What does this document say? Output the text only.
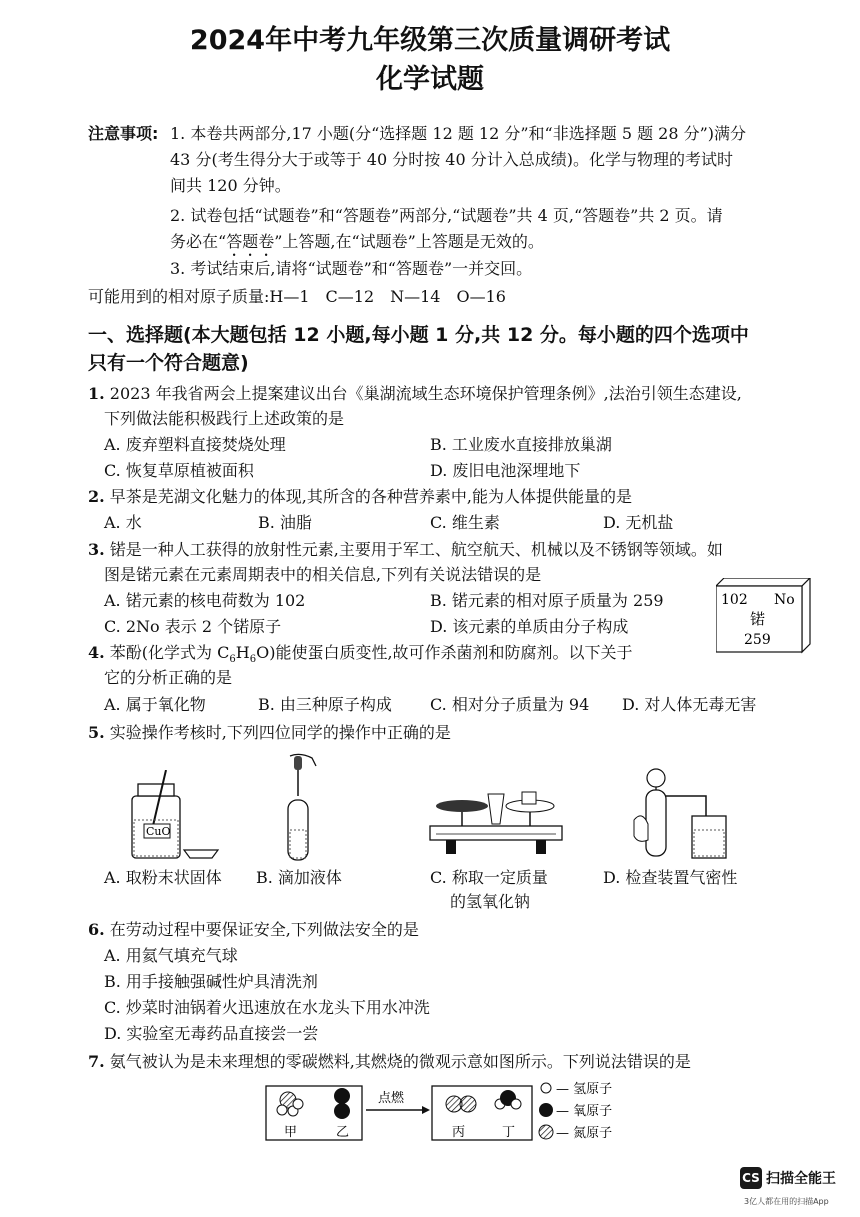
2024年中考九年级第三次质量调研考试
化学试题
注意事项: 1. 本卷共两部分,17 小题(分“选择题 12 题 12 分”和“非选择题 5 题 28 分”)满分
43 分(考生得分大于或等于 40 分时按 40 分计入总成绩)。化学与物理的考试时
间共 120 分钟。
2. 试卷包括“试题卷”和“答题卷”两部分,“试题卷”共 4 页,“答题卷”共 2 页。请
务必在“答题卷”上答题,在“试题卷”上答题是无效的。
3. 考试结束后,请将“试题卷”和“答题卷”一并交回。
可能用到的相对原子质量:H—1　C—12　N—14　O—16
一、选择题(本大题包括 12 小题,每小题 1 分,共 12 分。每小题的四个选项中
只有一个符合题意)
1. 2023 年我省两会上提案建议出台《巢湖流域生态环境保护管理条例》,法治引领生态建设,
下列做法能积极践行上述政策的是
A. 废弃塑料直接焚烧处理	B. 工业废水直接排放巢湖
C. 恢复草原植被面积	D. 废旧电池深埋地下
2. 早茶是芜湖文化魅力的体现,其所含的各种营养素中,能为人体提供能量的是
A. 水	B. 油脂	C. 维生素	D. 无机盐
3. 锘是一种人工获得的放射性元素,主要用于军工、航空航天、机械以及不锈钢等领域。如
图是锘元素在元素周期表中的相关信息,下列有关说法错误的是
A. 锘元素的核电荷数为 102	B. 锘元素的相对原子质量为 259
C. 2No 表示 2 个锘原子	D. 该元素的单质由分子构成
102 No
锘
259
4. 苯酚(化学式为 $C_6H_6O$)能使蛋白质变性,故可作杀菌剂和防腐剂。以下关于
它的分析正确的是
A. 属于氧化物	B. 由三种原子构成 C. 相对分子质量为 94 D. 对人体无毒无害
5. 实验操作考核时,下列四位同学的操作中正确的是
CuO
A. 取粉末状固体 B. 滴加液体	C. 称取一定质量
的氢氧化钠
D. 检查装置气密性
6. 在劳动过程中要保证安全,下列做法安全的是
A. 用氦气填充气球
B. 用手接触强碱性炉具清洗剂
C. 炒菜时油锅着火迅速放在水龙头下用水冲洗
D. 实验室无毒药品直接尝一尝
7. 氨气被认为是未来理想的零碳燃料,其燃烧的微观示意如图所示。下列说法错误的是
甲	乙
点燃
丙	丁
— 氢原子
— 氧原子
— 氮原子
CS 扫描全能王
3亿人都在用的扫描App
